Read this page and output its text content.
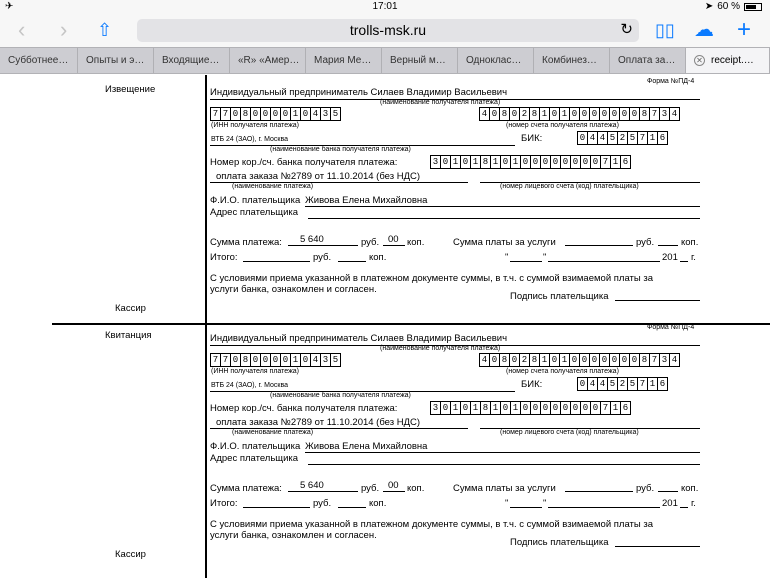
✈	17:01	➤ 60 %
‹ › ⇧	trolls-msk.ru	↻ ▯▯ ☁ +
Субботнее…	Опыты и э…	Входящие…	«R» «Амер…	Мария Ме…	Верный м…	Одноклас…	Комбинез…	Оплата за…	✕ receipt.…
Извещение
Квитанция
Форма №ПД-4
Индивидуальный предприниматель Силаев Владимир Васильевич
(наименование получателя платежа)
7 7 0 8 0 0 0 0 1 0 4 3 5	4 0 8 0 2 8 1 0 1 0 0 0 0 0 0 0 8 7 3 4
(ИНН получателя платежа)	(номер счета получателя платежа)
ВТБ 24 (ЗАО), г. Москва	БИК:	0 4 4 5 2 5 7 1 6
(наименование банка получателя платежа)
Номер кор./сч. банка получателя платежа:	3 0 1 0 1 8 1 0 1 0 0 0 0 0 0 0 0 7 1 6
оплата заказа №2789 от 11.10.2014 (без НДС)
(наименование платежа)	(номер лицевого счета (код) плательщика)
Ф.И.О. плательщика Живова Елена Михайловна
Адрес плательщика
Сумма платежа: 5 640	руб. 00 коп.	Сумма платы за услуги	руб.	коп.
Итого:	руб.	коп.	"	"	201 г.
С условиями приема указанной в платежном документе суммы, в т.ч. с суммой взимаемой платы за
услуги банка, ознакомлен и согласен.
Подпись плательщика
Кассир
Форма №ПД-4
Индивидуальный предприниматель Силаев Владимир Васильевич
(наименование получателя платежа)
7 7 0 8 0 0 0 0 1 0 4 3 5	4 0 8 0 2 8 1 0 1 0 0 0 0 0 0 0 8 7 3 4
(ИНН получателя платежа)	(номер счета получателя платежа)
ВТБ 24 (ЗАО), г. Москва	БИК:	0 4 4 5 2 5 7 1 6
(наименование банка получателя платежа)
Номер кор./сч. банка получателя платежа:	3 0 1 0 1 8 1 0 1 0 0 0 0 0 0 0 0 7 1 6
оплата заказа №2789 от 11.10.2014 (без НДС)
(наименование платежа)	(номер лицевого счета (код) плательщика)
Ф.И.О. плательщика Живова Елена Михайловна
Адрес плательщика
Сумма платежа: 5 640	руб. 00 коп.	Сумма платы за услуги	руб.	коп.
Итого:	руб.	коп.	"	"	201 г.
С условиями приема указанной в платежном документе суммы, в т.ч. с суммой взимаемой платы за
услуги банка, ознакомлен и согласен.
Подпись плательщика
Кассир
